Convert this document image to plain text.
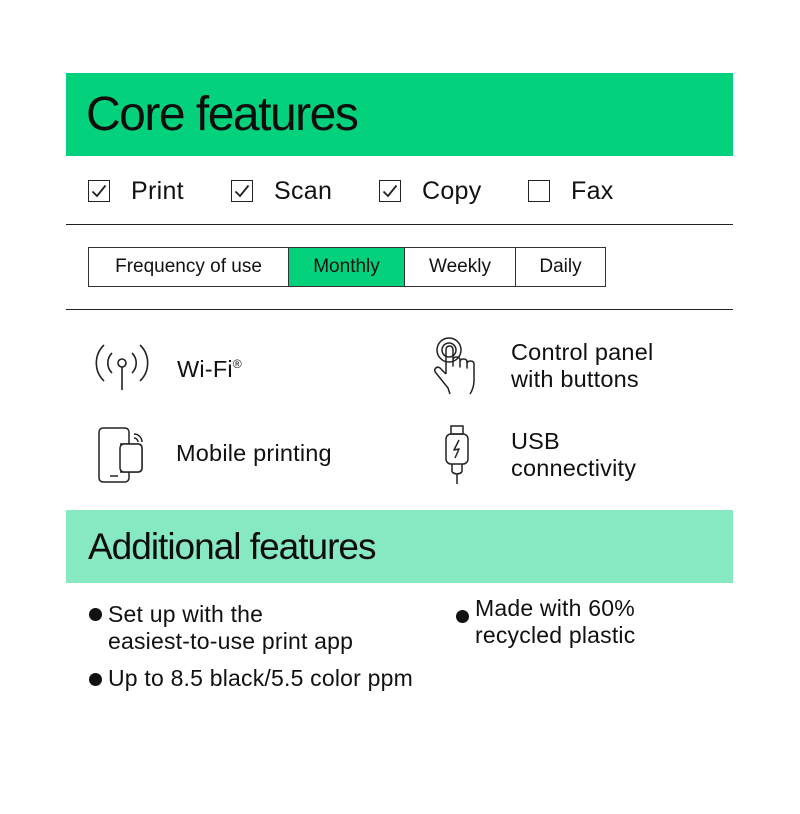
Core features
Print	Scan	Copy	Fax
Frequency of use	Monthly	Weekly	Daily
Wi-Fi®	Control panel
with buttons
Mobile printing	USB
connectivity
Additional features
Set up with the
easiest-to-use print app
Up to 8.5 black/5.5 color ppm
Made with 60%
recycled plastic
